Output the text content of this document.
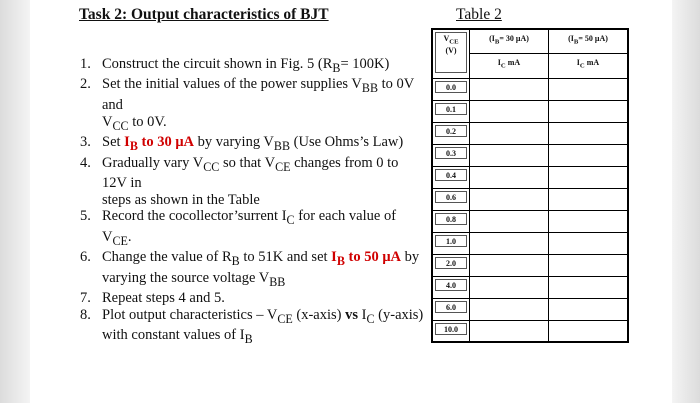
Task 2: Output characteristics of BJT	Table 2
1. Construct the circuit shown in Fig. 5 $(R_B= 100K)$
2. Set the initial values of the power supplies $V_{BB}$ to 0V and
$V_{CC}$ to 0V.
3. Set $I_B$ to 30 μA by varying $V_{BB}$ (Use Ohms’s Law)
4. Gradually vary $V_{CC}$ so that $V_{CE}$ changes from 0 to 12V in
steps as shown in the Table
5. Record the cocollector’surrent $I_C$ for each value of $V_{CE}$.
6. Change the value of $R_B$ to 51K and set $I_B$ to 50 μA by
varying the source voltage $V_{BB}$
7. Repeat steps 4 and 5.
8. Plot output characteristics – $V_{CE}$ (x-axis) vs $I_C$ (y-axis)
with constant values of $I_B$
$V_{CE}$
(V)	($I_B= 30$ μA)	($I_B= 50$ μA)

	$I_C$ mA	$I_C$ mA

0.0		

0.1		

0.2		

0.3		

0.4		

0.6		

0.8		

1.0		

2.0		

4.0		

6.0		

10.0		
